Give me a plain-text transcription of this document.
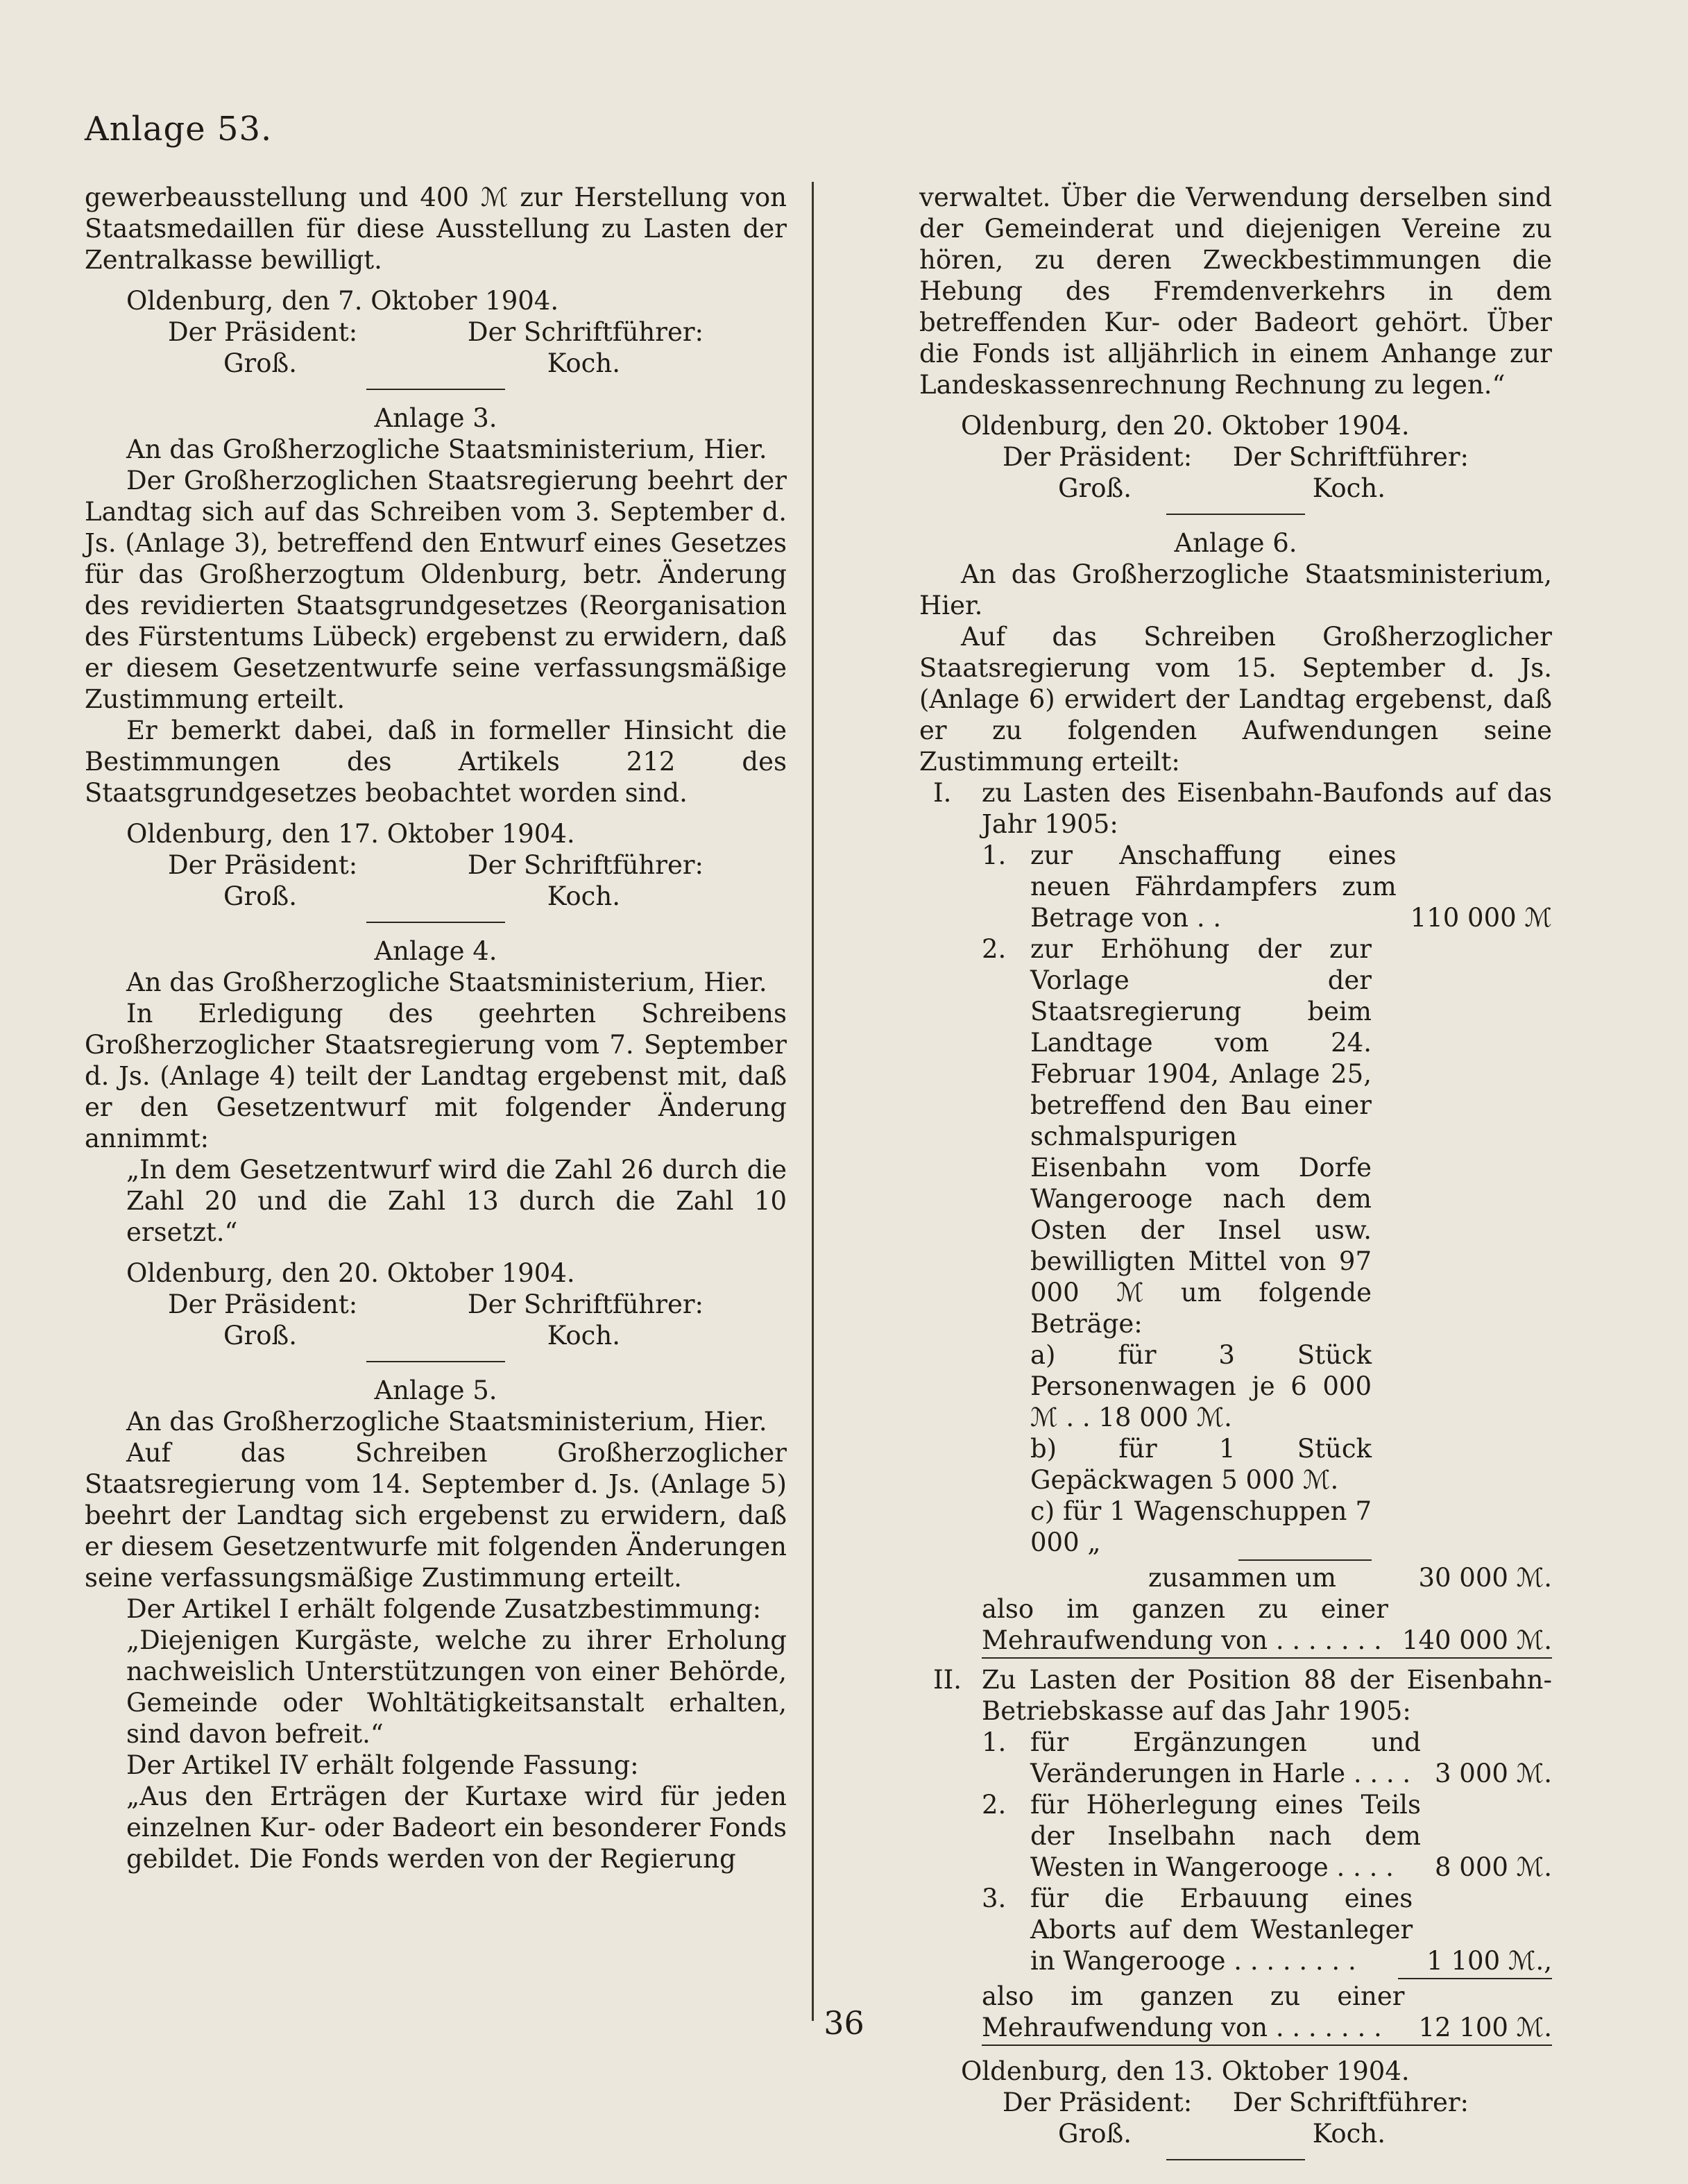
Anlage 53.

gewerbeausstellung und 400 ℳ zur Herstellung von Staatsmedaillen für diese Ausstellung zu Lasten der Zentralkasse bewilligt.

Oldenburg, den 7. Oktober 1904.

Der Präsident:	Der Schriftführer:
Groß.	Koch.

Anlage 3.

An das Großherzogliche Staatsministerium, Hier.

Der Großherzoglichen Staatsregierung beehrt der Landtag sich auf das Schreiben vom 3. September d. Js. (Anlage 3), betreffend den Entwurf eines Gesetzes für das Großherzogtum Oldenburg, betr. Änderung des revidierten Staatsgrundgesetzes (Reorganisation des Fürstentums Lübeck) ergebenst zu erwidern, daß er diesem Gesetzentwurfe seine verfassungsmäßige Zustimmung erteilt.

Er bemerkt dabei, daß in formeller Hinsicht die Bestimmungen des Artikels 212 des Staatsgrundgesetzes beobachtet worden sind.

Oldenburg, den 17. Oktober 1904.

Der Präsident:	Der Schriftführer:
Groß.	Koch.

Anlage 4.

An das Großherzogliche Staatsministerium, Hier.

In Erledigung des geehrten Schreibens Großherzoglicher Staatsregierung vom 7. September d. Js. (Anlage 4) teilt der Landtag ergebenst mit, daß er den Gesetzentwurf mit folgender Änderung annimmt:

„In dem Gesetzentwurf wird die Zahl 26 durch die Zahl 20 und die Zahl 13 durch die Zahl 10 ersetzt.“

Oldenburg, den 20. Oktober 1904.

Der Präsident:	Der Schriftführer:
Groß.	Koch.

Anlage 5.

An das Großherzogliche Staatsministerium, Hier.

Auf das Schreiben Großherzoglicher Staatsregierung vom 14. September d. Js. (Anlage 5) beehrt der Landtag sich ergebenst zu erwidern, daß er diesem Gesetzentwurfe mit folgenden Änderungen seine verfassungsmäßige Zustimmung erteilt.

Der Artikel I erhält folgende Zusatzbestimmung:

„Diejenigen Kurgäste, welche zu ihrer Erholung nachweislich Unterstützungen von einer Behörde, Gemeinde oder Wohltätigkeitsanstalt erhalten, sind davon befreit.“

Der Artikel IV erhält folgende Fassung:

„Aus den Erträgen der Kurtaxe wird für jeden einzelnen Kur- oder Badeort ein besonderer Fonds gebildet. Die Fonds werden von der Regierung

verwaltet. Über die Verwendung derselben sind der Gemeinderat und diejenigen Vereine zu hören, zu deren Zweckbestimmungen die Hebung des Fremdenverkehrs in dem betreffenden Kur- oder Badeort gehört. Über die Fonds ist alljährlich in einem Anhange zur Landeskassenrechnung Rechnung zu legen.“

Oldenburg, den 20. Oktober 1904.

Der Präsident: Der Schriftführer:
Groß.	Koch.

Anlage 6.

An das Großherzogliche Staatsministerium, Hier.

Auf das Schreiben Großherzoglicher Staatsregierung vom 15. September d. Js. (Anlage 6) erwidert der Landtag ergebenst, daß er zu folgenden Aufwendungen seine Zustimmung erteilt:

I.	zu Lasten des Eisenbahn-Baufonds auf das Jahr 1905:
1. zur Anschaffung eines neuen Fährdampfers zum Betrage von . .	110 000 ℳ
2. zur Erhöhung der zur Vorlage der Staatsregierung beim Landtage vom 24. Februar 1904, Anlage 25, betreffend den Bau einer schmalspurigen Eisenbahn vom Dorfe Wangerooge nach dem Osten der Insel usw. bewilligten Mittel von 97 000 ℳ um folgende Beträge:

a) für 3 Stück Personenwagen je 6 000 ℳ . . 18 000 ℳ.

b) für 1 Stück Gepäckwagen 5 000 ℳ.

c) für 1 Wagenschuppen 7 000 „

zusammen um	30 000 ℳ.
also im ganzen zu einer Mehraufwendung von . . . . . . . 140 000 ℳ.
II. Zu Lasten der Position 88 der Eisenbahn-Betriebskasse auf das Jahr 1905:
1. für Ergänzungen und Veränderungen in Harle . . . . 3 000 ℳ.
2. für Höherlegung eines Teils der Inselbahn nach dem Westen in Wangerooge . . . .	8 000 ℳ.
3. für die Erbauung eines Aborts auf dem Westanleger in Wangerooge . . . . . . . .	1 100 ℳ.,
also im ganzen zu einer Mehraufwendung von . . . . . . .	12 100 ℳ.

Oldenburg, den 13. Oktober 1904.

Der Präsident: Der Schriftführer:
Groß.	Koch.
36
